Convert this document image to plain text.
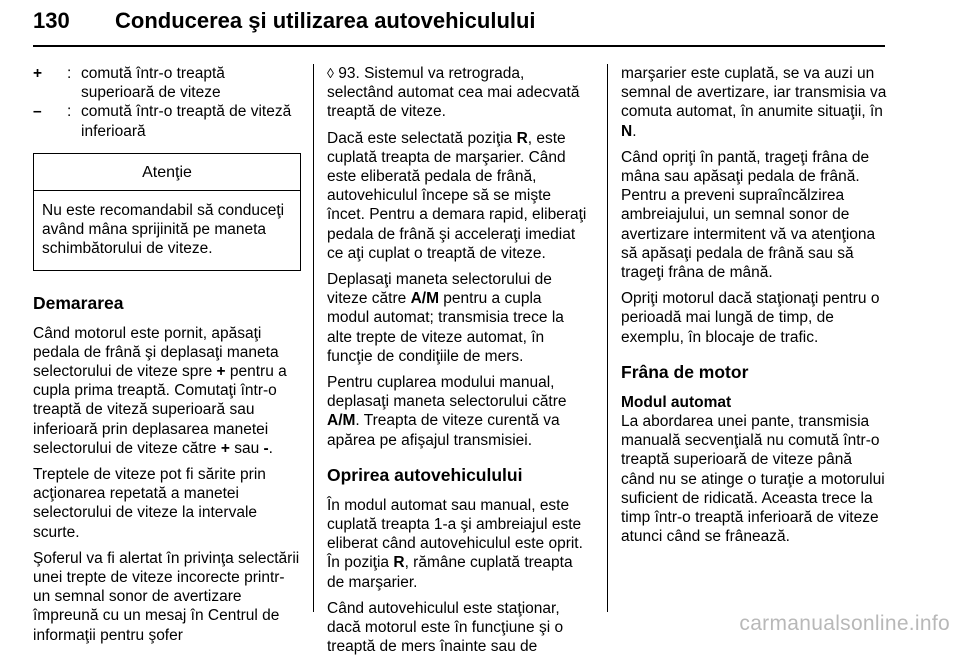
130 Conducerea şi utilizarea autovehiculului
+	: comută într-o treaptă superioară de viteze
–	: comută într-o treaptă de viteză inferioară
Atenţie
Nu este recomandabil să conduceţi având mâna sprijinită pe maneta schimbătorului de viteze.
Demararea

Când motorul este pornit, apăsaţi pedala de frână şi deplasaţi maneta selectorului de viteze spre + pentru a cupla prima treaptă. Comutaţi într-o treaptă de viteză superioară sau inferioară prin deplasarea manetei selectorului de viteze către + sau -.

Treptele de viteze pot fi sărite prin acţionarea repetată a manetei selectorului de viteze la intervale scurte.

Şoferul va fi alertat în privinţa selectării unei trepte de viteze incorecte printr-un semnal sonor de avertizare împreună cu un mesaj în Centrul de informaţii pentru şofer

◊ 93. Sistemul va retrograda, selectând automat cea mai adecvată treaptă de viteze.

Dacă este selectată poziţia R, este cuplată treapta de marşarier. Când este eliberată pedala de frână, autovehiculul începe să se mişte încet. Pentru a demara rapid, eliberaţi pedala de frână şi acceleraţi imediat ce aţi cuplat o treaptă de viteze.

Deplasaţi maneta selectorului de viteze către A/M pentru a cupla modul automat; transmisia trece la alte trepte de viteze automat, în funcţie de condiţiile de mers.

Pentru cuplarea modului manual, deplasaţi maneta selectorului către A/M. Treapta de viteze curentă va apărea pe afişajul transmisiei.

Oprirea autovehiculului

În modul automat sau manual, este cuplată treapta 1-a şi ambreiajul este eliberat când autovehiculul este oprit. În poziţia R, rămâne cuplată treapta de marşarier.

Când autovehiculul este staţionar, dacă motorul este în funcţiune şi o treaptă de mers înainte sau de

marşarier este cuplată, se va auzi un semnal de avertizare, iar transmisia va comuta automat, în anumite situaţii, în N.

Când opriţi în pantă, trageţi frâna de mâna sau apăsaţi pedala de frână. Pentru a preveni supraîncălzirea ambreiajului, un semnal sonor de avertizare intermitent vă va atenţiona să apăsaţi pedala de frână sau să trageţi frâna de mână.

Opriţi motorul dacă staţionaţi pentru o perioadă mai lungă de timp, de exemplu, în blocaje de trafic.

Frâna de motor
Modul automat

La abordarea unei pante, transmisia manuală secvenţială nu comută într-o treaptă superioară de viteze până când nu se atinge o turaţie a motorului suficient de ridicată. Aceasta trece la timp într-o treaptă inferioară de viteze atunci când se frânează.

carmanualsonline.info
